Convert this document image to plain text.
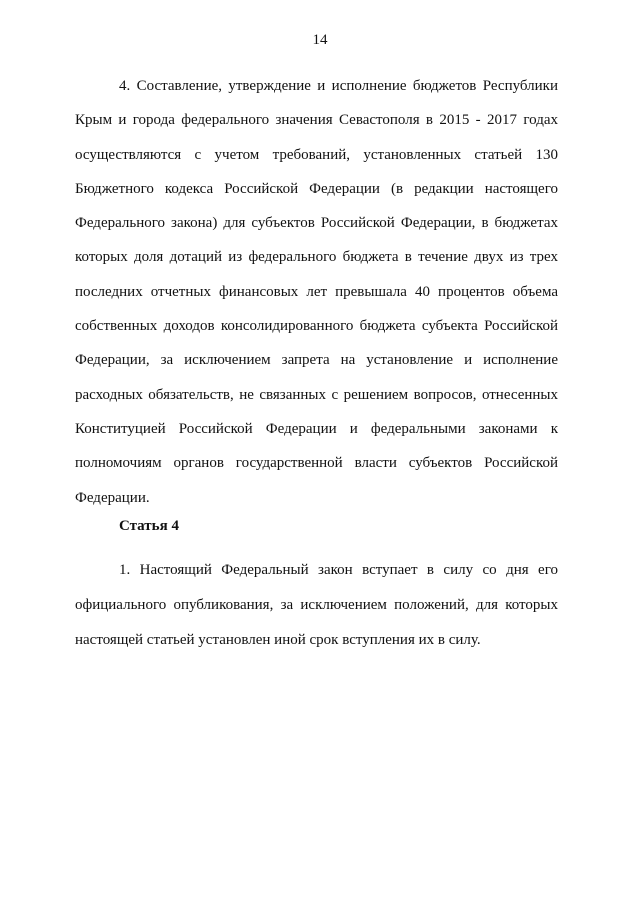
14

4. Составление, утверждение и исполнение бюджетов Республики Крым и города федерального значения Севастополя в 2015 - 2017 годах осуществляются с учетом требований, установленных статьей 130 Бюджетного кодекса Российской Федерации (в редакции настоящего Федерального закона) для субъектов Российской Федерации, в бюджетах которых доля дотаций из федерального бюджета в течение двух из трех последних отчетных финансовых лет превышала 40 процентов объема собственных доходов консолидированного бюджета субъекта Российской Федерации, за исключением запрета на установление и исполнение расходных обязательств, не связанных с решением вопросов, отнесенных Конституцией Российской Федерации и федеральными законами к полномочиям органов государственной власти субъектов Российской Федерации.

Статья 4

1. Настоящий Федеральный закон вступает в силу со дня его официального опубликования, за исключением положений, для которых настоящей статьей установлен иной срок вступления их в силу.
